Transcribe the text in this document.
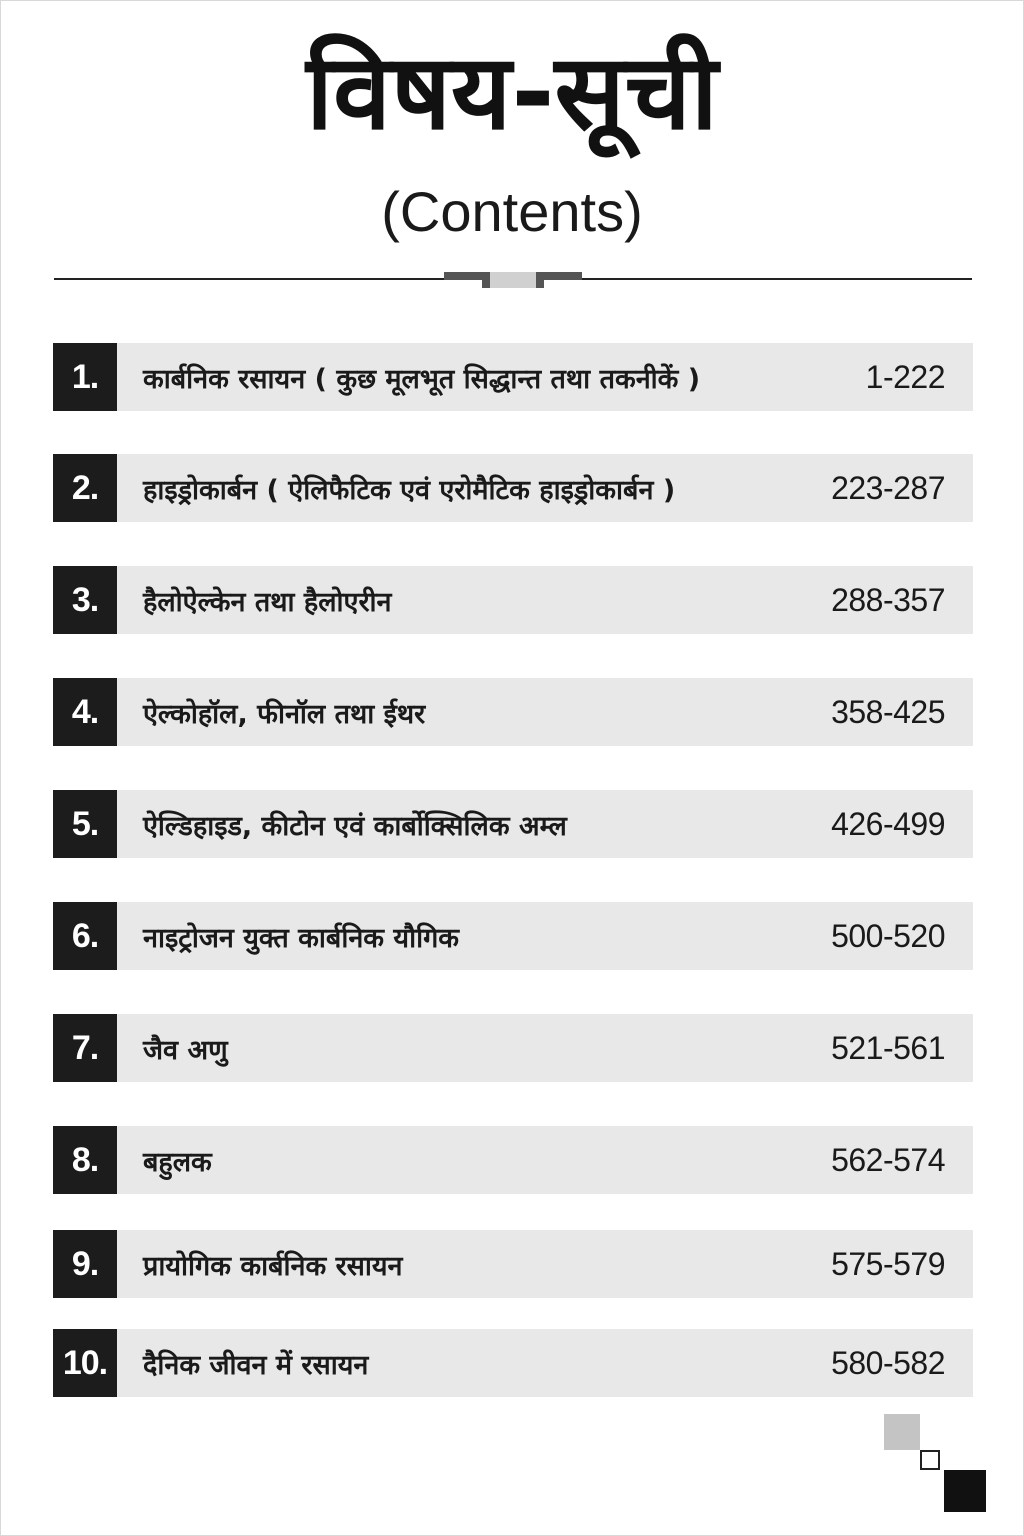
विषय-सूची
(Contents)
1.	कार्बनिक रसायन ( कुछ मूलभूत सिद्धान्त तथा तकनीकें )	1-222
2.	हाइड्रोकार्बन ( ऐलिफैटिक एवं एरोमैटिक हाइड्रोकार्बन )	223-287
3.	हैलोऐल्केन तथा हैलोएरीन	288-357
4.	ऐल्कोहॉल, फीनॉल तथा ईथर	358-425
5.	ऐल्डिहाइड, कीटोन एवं कार्बोक्सिलिक अम्ल	426-499
6.	नाइट्रोजन युक्त कार्बनिक यौगिक	500-520
7.	जैव अणु	521-561
8.	बहुलक	562-574
9.	प्रायोगिक कार्बनिक रसायन	575-579
10.	दैनिक जीवन में रसायन	580-582
